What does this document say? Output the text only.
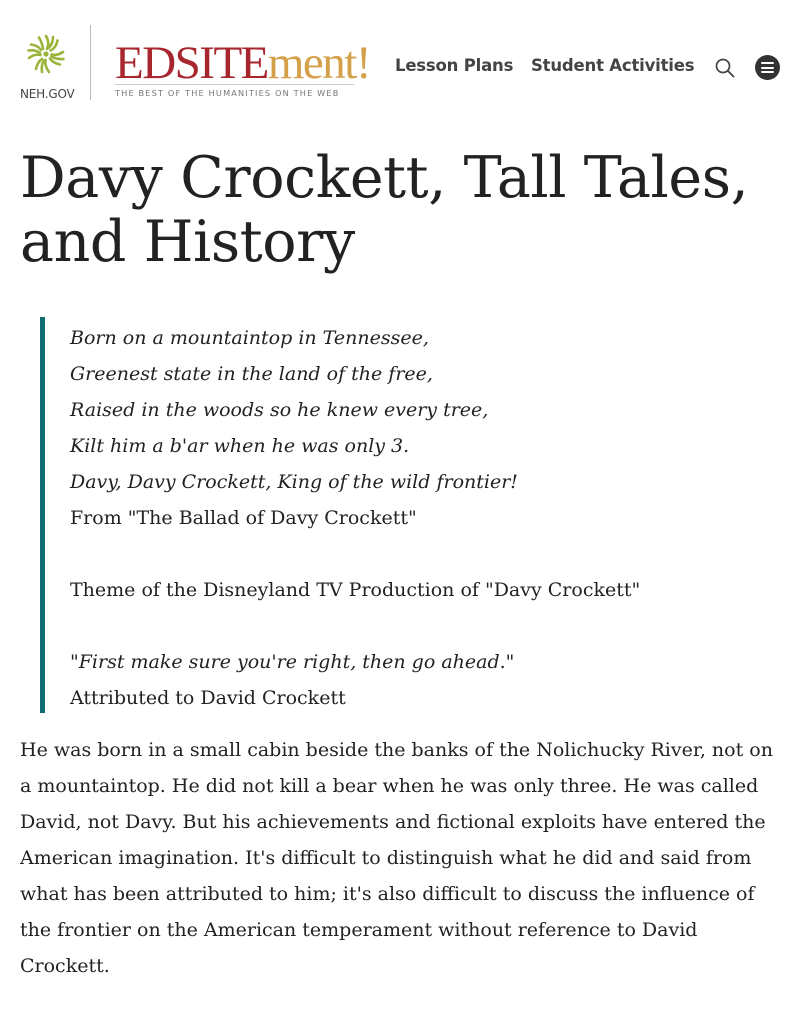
NEH.GOV
EDSITEment!
THE BEST OF THE HUMANITIES ON THE WEB
Lesson Plans Student Activities
Davy Crockett, Tall Tales, and History

Born on a mountaintop in Tennessee,

Greenest state in the land of the free,

Raised in the woods so he knew every tree,

Kilt him a b'ar when he was only 3.

Davy, Davy Crockett, King of the wild frontier!

From "The Ballad of Davy Crockett"

Theme of the Disneyland TV Production of "Davy Crockett"

"First make sure you're right, then go ahead."

Attributed to David Crockett

He was born in a small cabin beside the banks of the Nolichucky River, not on a mountaintop. He did not kill a bear when he was only three. He was called David, not Davy. But his achievements and fictional exploits have entered the American imagination. It's difficult to distinguish what he did and said from what has been attributed to him; it's also difficult to discuss the influence of the frontier on the American temperament without reference to David Crockett.
